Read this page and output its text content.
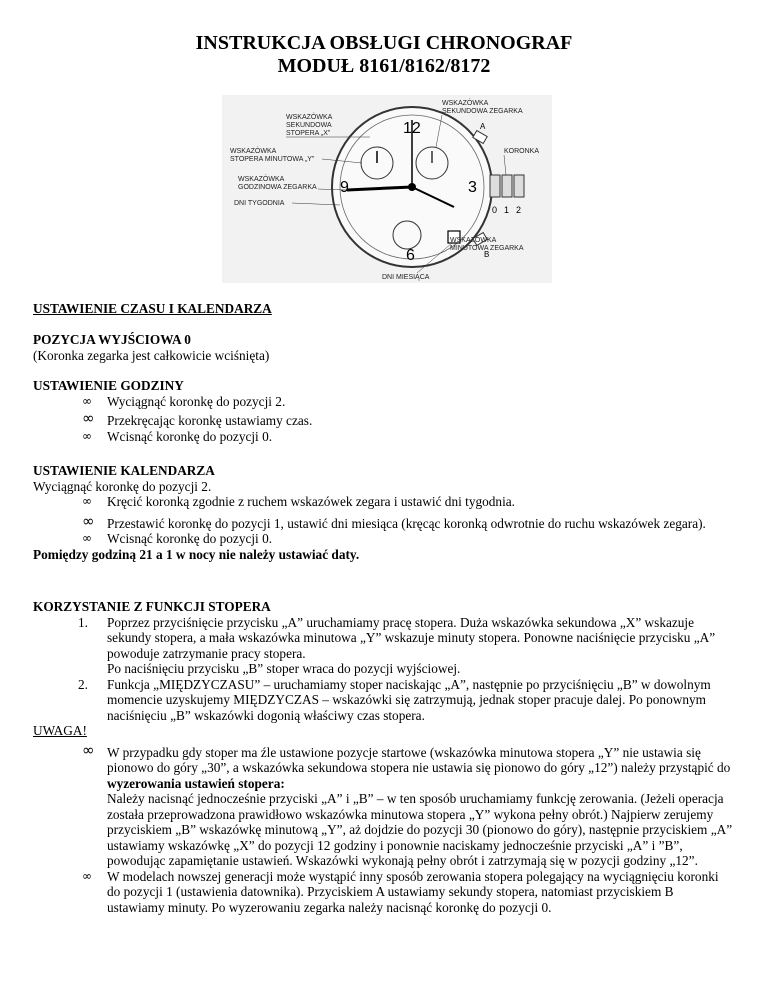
INSTRUKCJA OBSŁUGI CHRONOGRAF
MODUŁ 8161/8162/8172
12
9	3
6
A
B
0 1 2
WSKAZÓWKA
SEKUNDOWA
STOPERA „X”
WSKAZÓWKA
SEKUNDOWA ZEGARKA
WSKAZÓWKA
STOPERA MINUTOWA „Y”
KORONKA
WSKAZÓWKA
GODZINOWA ZEGARKA
DNI TYGODNIA
WSKAZÓWKA
MINUTOWA ZEGARKA
DNI MIESIĄCA
USTAWIENIE CZASU I KALENDARZA

POZYCJA WYJŚCIOWA 0

(Koronka zegarka jest całkowicie wciśnięta)

USTAWIENIE GODZINY

∞ Wyciągnąć koronkę do pozycji 2.
∞ Przekręcając koronkę ustawiamy czas.
∞ Wcisnąć koronkę do pozycji 0.

USTAWIENIE KALENDARZA

Wyciągnąć koronkę do pozycji 2.

∞ Kręcić koronką zgodnie z ruchem wskazówek zegara i ustawić dni tygodnia.
∞ Przestawić koronkę do pozycji 1, ustawić dni miesiąca (kręcąc koronką odwrotnie do ruchu wskazówek zegara).
∞ Wcisnąć koronkę do pozycji 0.

Pomiędzy godziną 21 a 1 w nocy nie należy ustawiać daty.

KORZYSTANIE Z FUNKCJI STOPERA

1. Poprzez przyciśnięcie przycisku „A” uruchamiamy pracę stopera. Duża wskazówka sekundowa „X” wskazuje sekundy stopera, a mała wskazówka minutowa „Y” wskazuje minuty stopera. Ponowne naciśnięcie przycisku „A” powoduje zatrzymanie pracy stopera.

Po naciśnięciu przycisku „B” stoper wraca do pozycji wyjściowej.

2. Funkcja „MIĘDZYCZASU” – uruchamiamy stoper naciskając „A”, następnie po przyciśnięciu „B” w dowolnym momencie uzyskujemy MIĘDZYCZAS – wskazówki się zatrzymują, jednak stoper pracuje dalej. Po ponownym naciśnięciu „B” wskazówki dogonią właściwy czas stopera.

UWAGA!

∞ W przypadku gdy stoper ma źle ustawione pozycje startowe (wskazówka minutowa stopera „Y” nie ustawia się pionowo do góry „30”, a wskazówka sekundowa stopera nie ustawia się pionowo do góry „12”) należy przystąpić do wyzerowania ustawień stopera:

Należy nacisnąć jednocześnie przyciski „A” i „B” – w ten sposób uruchamiamy funkcję zerowania. (Jeżeli operacja została przeprowadzona prawidłowo wskazówka minutowa stopera „Y” wykona pełny obrót.) Najpierw zerujemy przyciskiem „B” wskazówkę minutową „Y”, aż dojdzie do pozycji 30 (pionowo do góry), następnie przyciskiem „A” ustawiamy wskazówkę „X” do pozycji 12 godziny i ponownie naciskamy jednocześnie przyciski „A” i ”B”, powodując zapamiętanie ustawień. Wskazówki wykonają pełny obrót i zatrzymają się w pozycji godziny „12”.

∞ W modelach nowszej generacji może wystąpić inny sposób zerowania stopera polegający na wyciągnięciu koronki do pozycji 1 (ustawienia datownika). Przyciskiem A ustawiamy sekundy stopera, natomiast przyciskiem B ustawiamy minuty. Po wyzerowaniu zegarka należy nacisnąć koronkę do pozycji 0.
